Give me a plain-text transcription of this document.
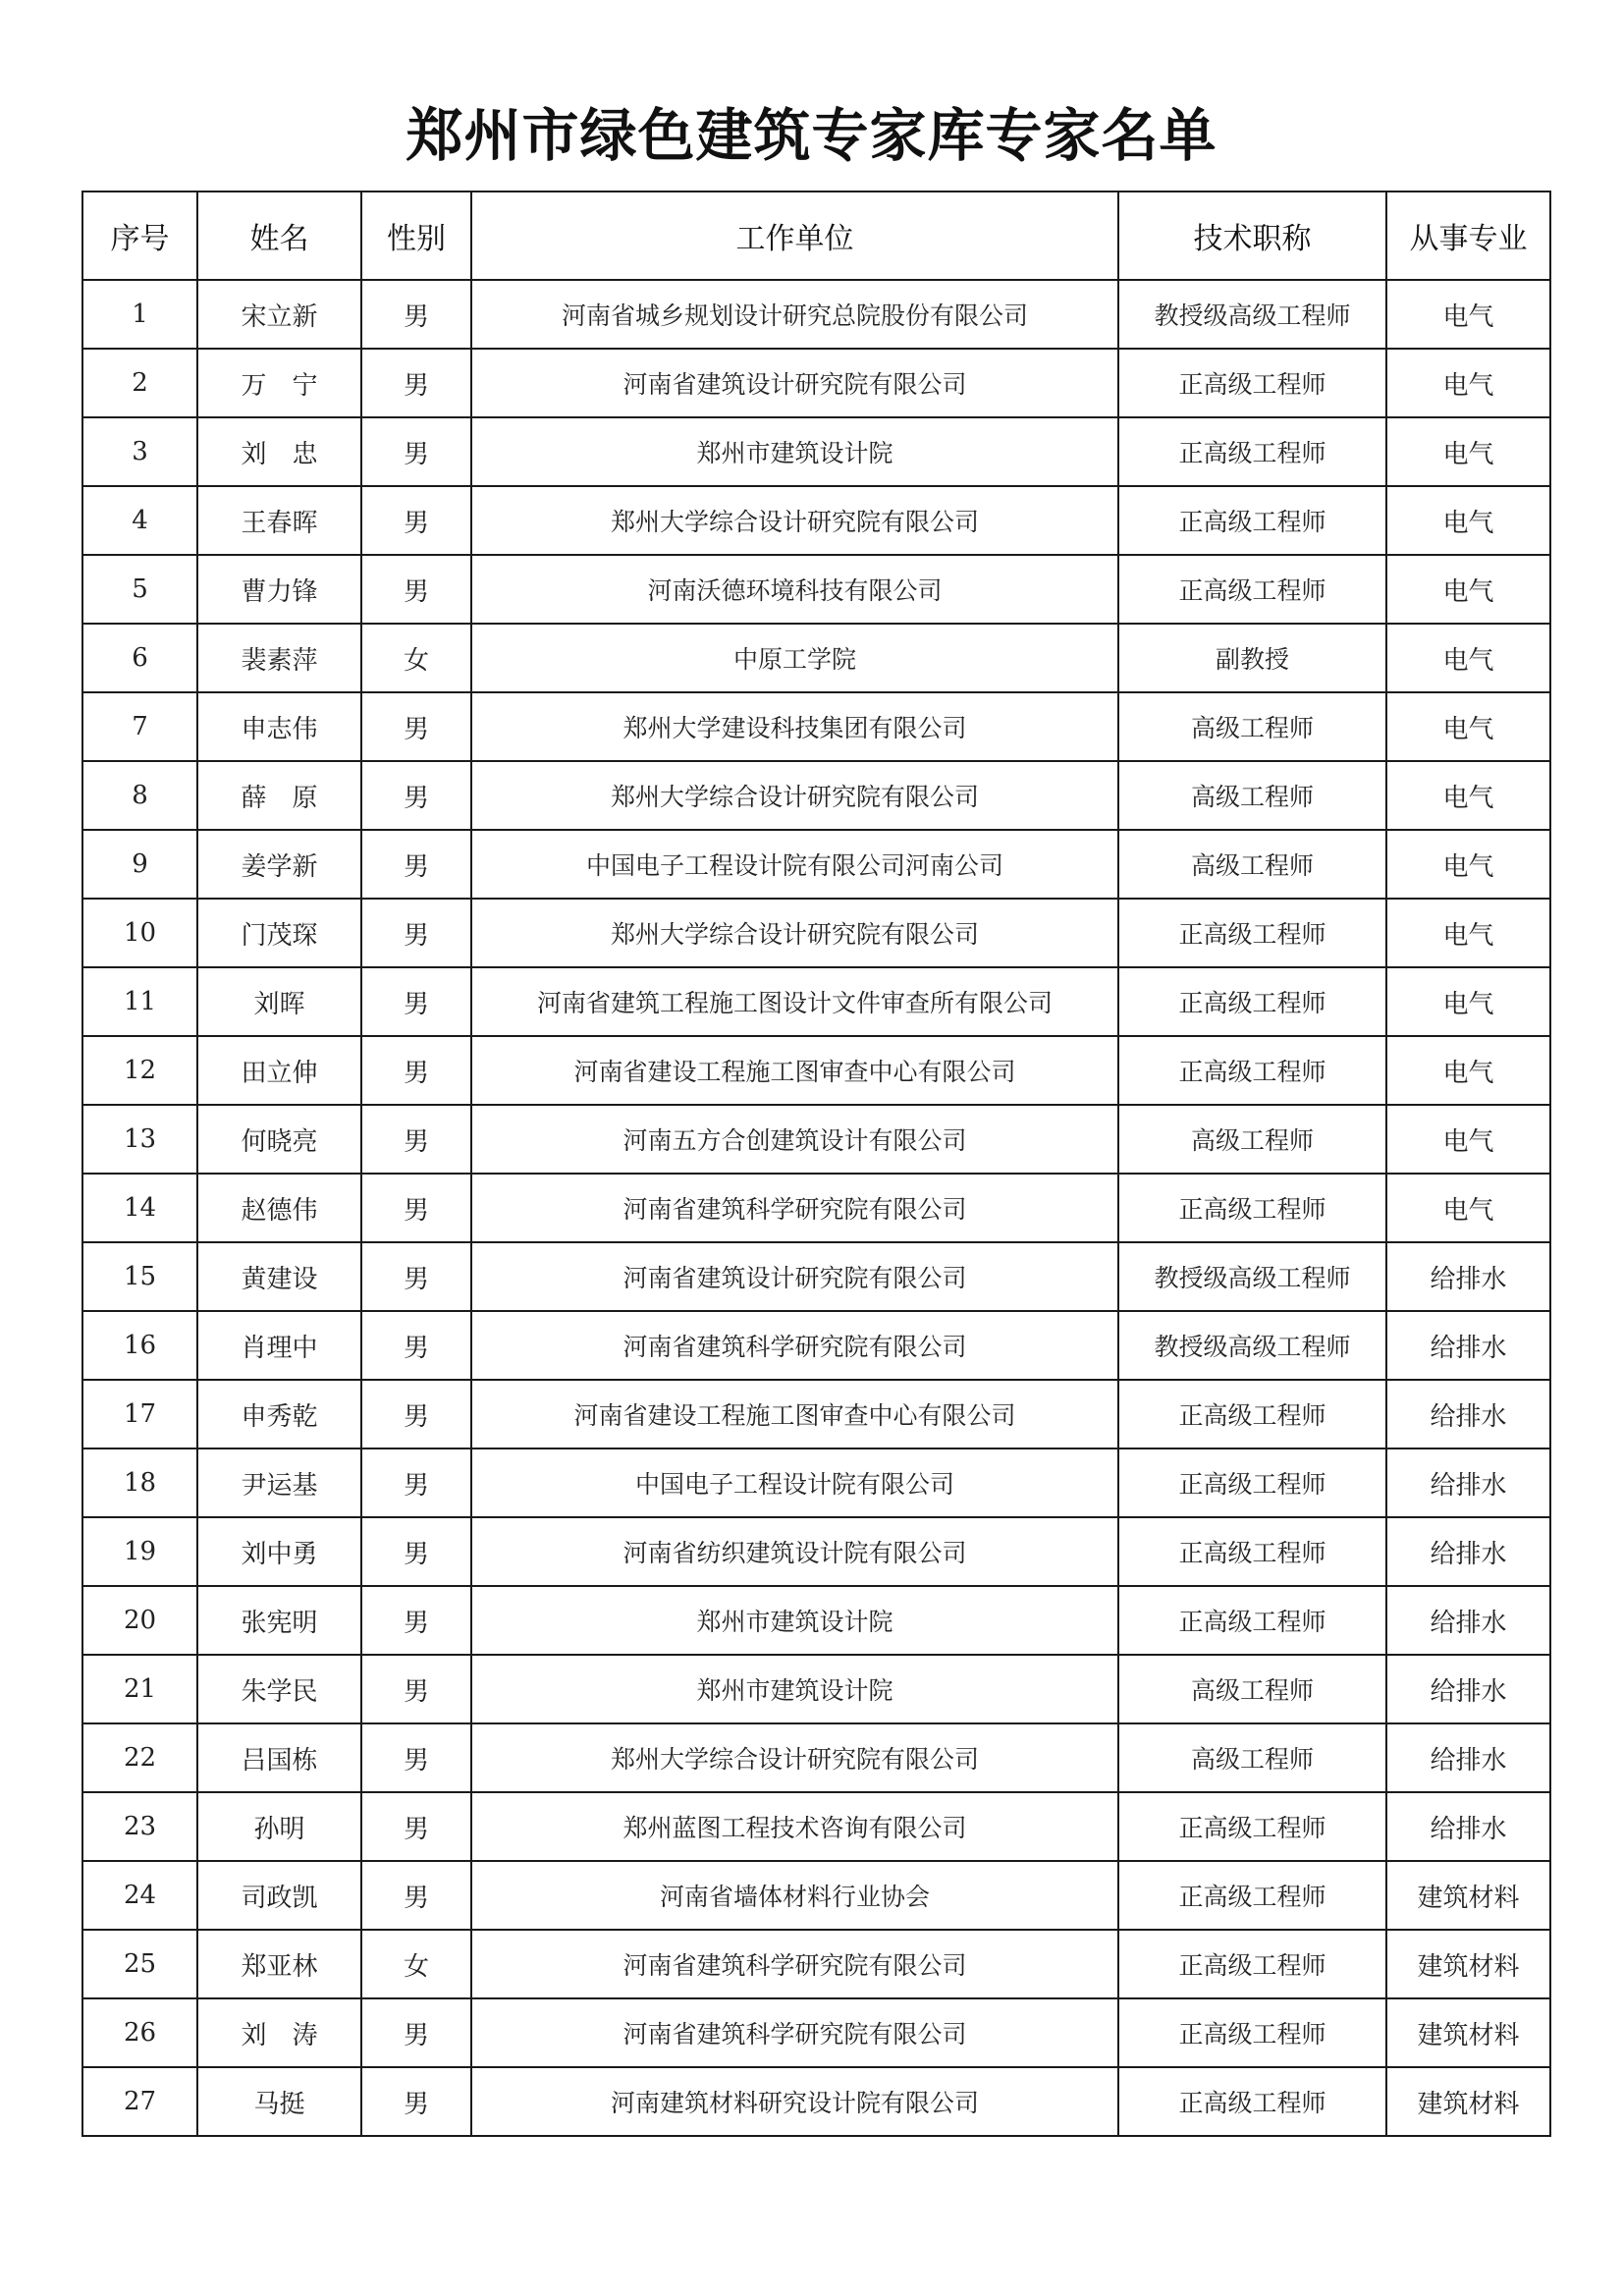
郑州市绿色建筑专家库专家名单
序号	姓名	性别	工作单位	技术职称	从事专业
1	宋立新	男	河南省城乡规划设计研究总院股份有限公司	教授级高级工程师	电气
2	万　宁	男	河南省建筑设计研究院有限公司	正高级工程师	电气
3	刘　忠	男	郑州市建筑设计院	正高级工程师	电气
4	王春晖	男	郑州大学综合设计研究院有限公司	正高级工程师	电气
5	曹力锋	男	河南沃德环境科技有限公司	正高级工程师	电气
6	裴素萍	女	中原工学院	副教授	电气
7	申志伟	男	郑州大学建设科技集团有限公司	高级工程师	电气
8	薛　原	男	郑州大学综合设计研究院有限公司	高级工程师	电气
9	姜学新	男	中国电子工程设计院有限公司河南公司	高级工程师	电气
10	门茂琛	男	郑州大学综合设计研究院有限公司	正高级工程师	电气
11	刘晖	男	河南省建筑工程施工图设计文件审查所有限公司	正高级工程师	电气
12	田立伸	男	河南省建设工程施工图审查中心有限公司	正高级工程师	电气
13	何晓亮	男	河南五方合创建筑设计有限公司	高级工程师	电气
14	赵德伟	男	河南省建筑科学研究院有限公司	正高级工程师	电气
15	黄建设	男	河南省建筑设计研究院有限公司	教授级高级工程师	给排水
16	肖理中	男	河南省建筑科学研究院有限公司	教授级高级工程师	给排水
17	申秀乾	男	河南省建设工程施工图审查中心有限公司	正高级工程师	给排水
18	尹运基	男	中国电子工程设计院有限公司	正高级工程师	给排水
19	刘中勇	男	河南省纺织建筑设计院有限公司	正高级工程师	给排水
20	张宪明	男	郑州市建筑设计院	正高级工程师	给排水
21	朱学民	男	郑州市建筑设计院	高级工程师	给排水
22	吕国栋	男	郑州大学综合设计研究院有限公司	高级工程师	给排水
23	孙明	男	郑州蓝图工程技术咨询有限公司	正高级工程师	给排水
24	司政凯	男	河南省墙体材料行业协会	正高级工程师	建筑材料
25	郑亚林	女	河南省建筑科学研究院有限公司	正高级工程师	建筑材料
26	刘　涛	男	河南省建筑科学研究院有限公司	正高级工程师	建筑材料
27	马挺	男	河南建筑材料研究设计院有限公司	正高级工程师	建筑材料
